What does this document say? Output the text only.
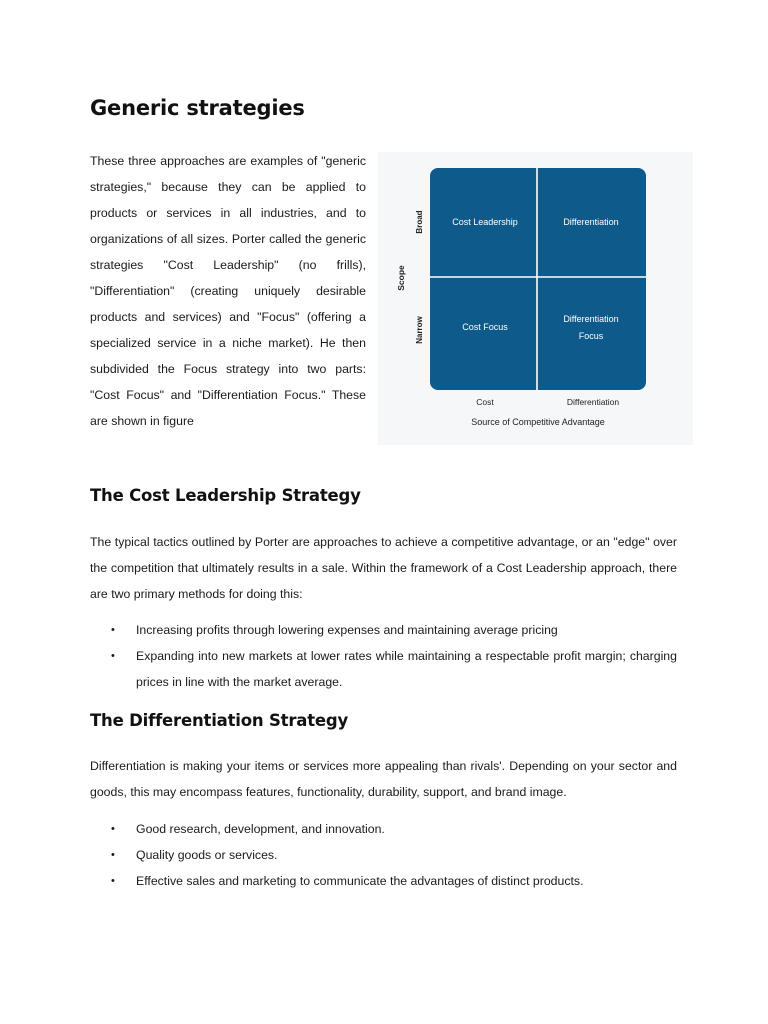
Generic strategies

These three approaches are examples of "generic strategies," because they can be applied to products or services in all industries, and to organizations of all sizes. Porter called the generic strategies "Cost Leadership" (no frills), "Differentiation" (creating uniquely desirable products and services) and "Focus" (offering a specialized service in a niche market). He then subdivided the Focus strategy into two parts: "Cost Focus" and "Differentiation Focus." These are shown in figure

Cost Leadership	Differentiation
Cost Focus
Differentiation
Focus
Broad
Narrow
Scope
Cost	Differentiation
Source of Competitive Advantage
The Cost Leadership Strategy

The typical tactics outlined by Porter are approaches to achieve a competitive advantage, or an "edge" over the competition that ultimately results in a sale. Within the framework of a Cost Leadership approach, there are two primary methods for doing this:

• Increasing profits through lowering expenses and maintaining average pricing
• Expanding into new markets at lower rates while maintaining a respectable profit margin; charging prices in line with the market average.
The Differentiation Strategy

Differentiation is making your items or services more appealing than rivals'. Depending on your sector and goods, this may encompass features, functionality, durability, support, and brand image.

• Good research, development, and innovation.
• Quality goods or services.
• Effective sales and marketing to communicate the advantages of distinct products.
